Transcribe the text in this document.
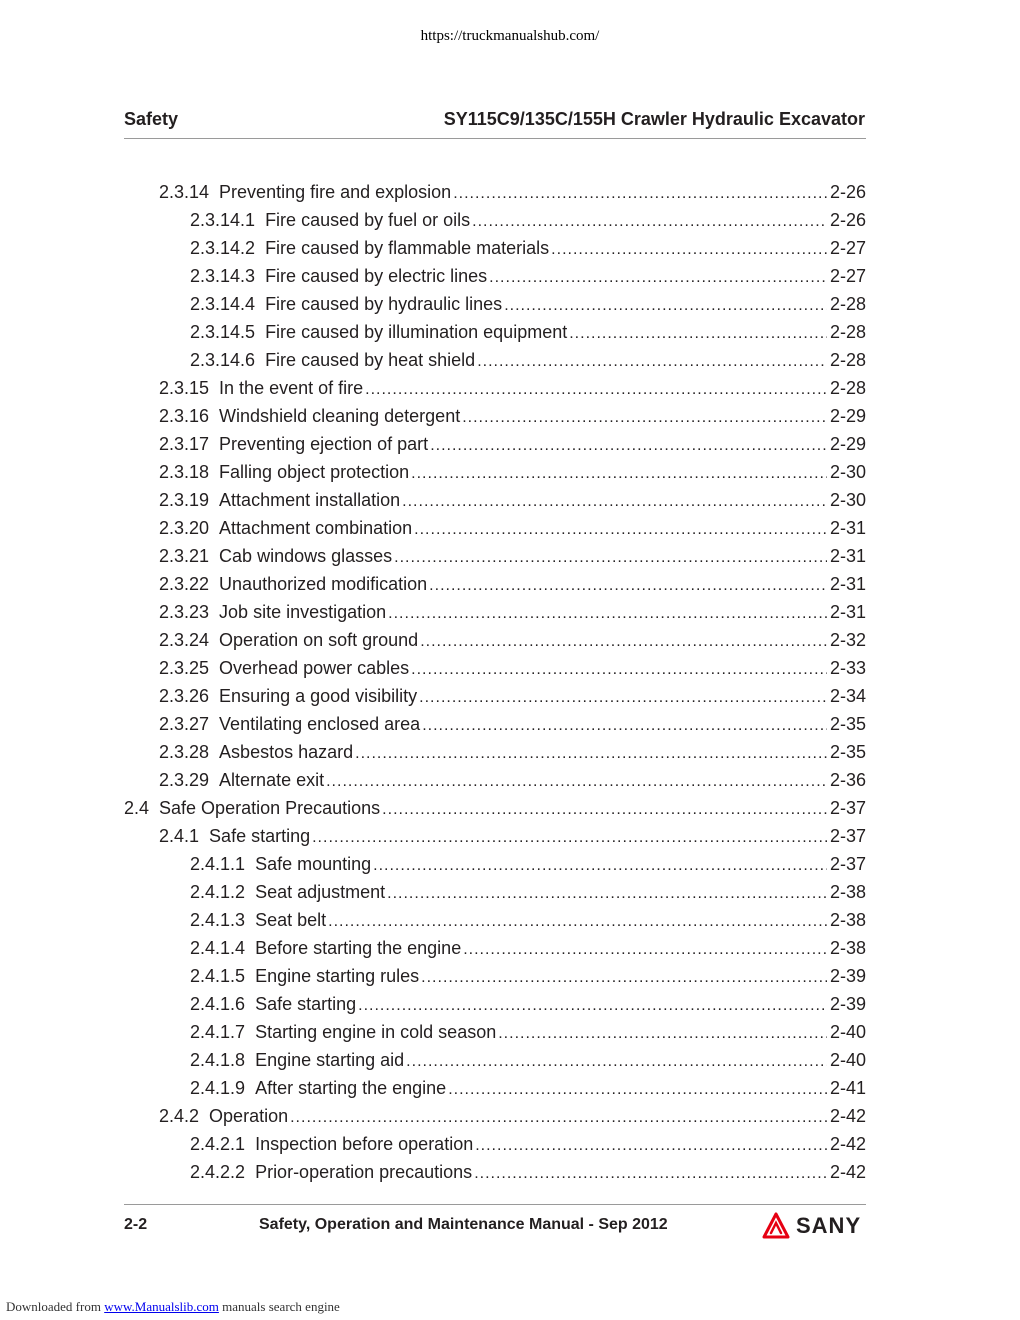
https://truckmanualshub.com/
Safety	SY115C9/135C/155H Crawler Hydraulic Excavator
2.3.14 Preventing fire and explosion .....	2-26
2.3.14.1 Fire caused by fuel or oils .....	2-26
2.3.14.2 Fire caused by flammable materials .....	2-27
2.3.14.3 Fire caused by electric lines .....	2-27
2.3.14.4 Fire caused by hydraulic lines .....	2-28
2.3.14.5 Fire caused by illumination equipment .....	2-28
2.3.14.6 Fire caused by heat shield .....	2-28
2.3.15 In the event of fire .....	2-28
2.3.16 Windshield cleaning detergent .....	2-29
2.3.17 Preventing ejection of part .....	2-29
2.3.18 Falling object protection .....	2-30
2.3.19 Attachment installation .....	2-30
2.3.20 Attachment combination .....	2-31
2.3.21 Cab windows glasses .....	2-31
2.3.22 Unauthorized modification .....	2-31
2.3.23 Job site investigation .....	2-31
2.3.24 Operation on soft ground .....	2-32
2.3.25 Overhead power cables .....	2-33
2.3.26 Ensuring a good visibility .....	2-34
2.3.27 Ventilating enclosed area .....	2-35
2.3.28 Asbestos hazard .....	2-35
2.3.29 Alternate exit .....	2-36
2.4 Safe Operation Precautions .....	2-37
2.4.1 Safe starting .....	2-37
2.4.1.1 Safe mounting .....	2-37
2.4.1.2 Seat adjustment .....	2-38
2.4.1.3 Seat belt .....	2-38
2.4.1.4 Before starting the engine .....	2-38
2.4.1.5 Engine starting rules .....	2-39
2.4.1.6 Safe starting .....	2-39
2.4.1.7 Starting engine in cold season .....	2-40
2.4.1.8 Engine starting aid .....	2-40
2.4.1.9 After starting the engine .....	2-41
2.4.2 Operation .....	2-42
2.4.2.1 Inspection before operation .....	2-42
2.4.2.2 Prior-operation precautions .....	2-42
2-2	Safety, Operation and Maintenance Manual - Sep 2012	SANY
Downloaded from www.Manualslib.com manuals search engine
